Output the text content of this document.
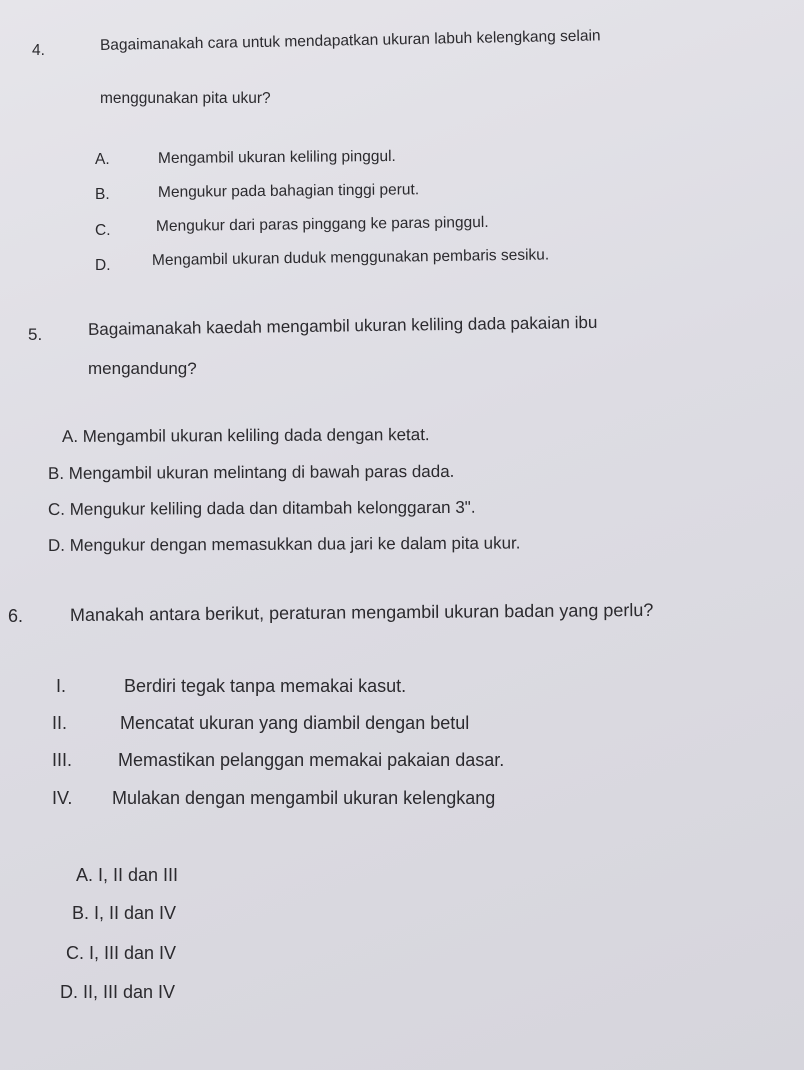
4.	Bagaimanakah cara untuk mendapatkan ukuran labuh kelengkang selain
menggunakan pita ukur?
A.	Mengambil ukuran keliling pinggul.
B.	Mengukur pada bahagian tinggi perut.
C.	Mengukur dari paras pinggang ke paras pinggul.
D.	Mengambil ukuran duduk menggunakan pembaris sesiku.
5.	Bagaimanakah kaedah mengambil ukuran keliling dada pakaian ibu
mengandung?
A. Mengambil ukuran keliling dada dengan ketat.
B. Mengambil ukuran melintang di bawah paras dada.
C. Mengukur keliling dada dan ditambah kelonggaran 3".
D. Mengukur dengan memasukkan dua jari ke dalam pita ukur.
6.	Manakah antara berikut, peraturan mengambil ukuran badan yang perlu?
I.	Berdiri tegak tanpa memakai kasut.
II.	Mencatat ukuran yang diambil dengan betul
III.	Memastikan pelanggan memakai pakaian dasar.
IV. Mulakan dengan mengambil ukuran kelengkang
A. I, II dan III
B. I, II dan IV
C. I, III dan IV
D. II, III dan IV
